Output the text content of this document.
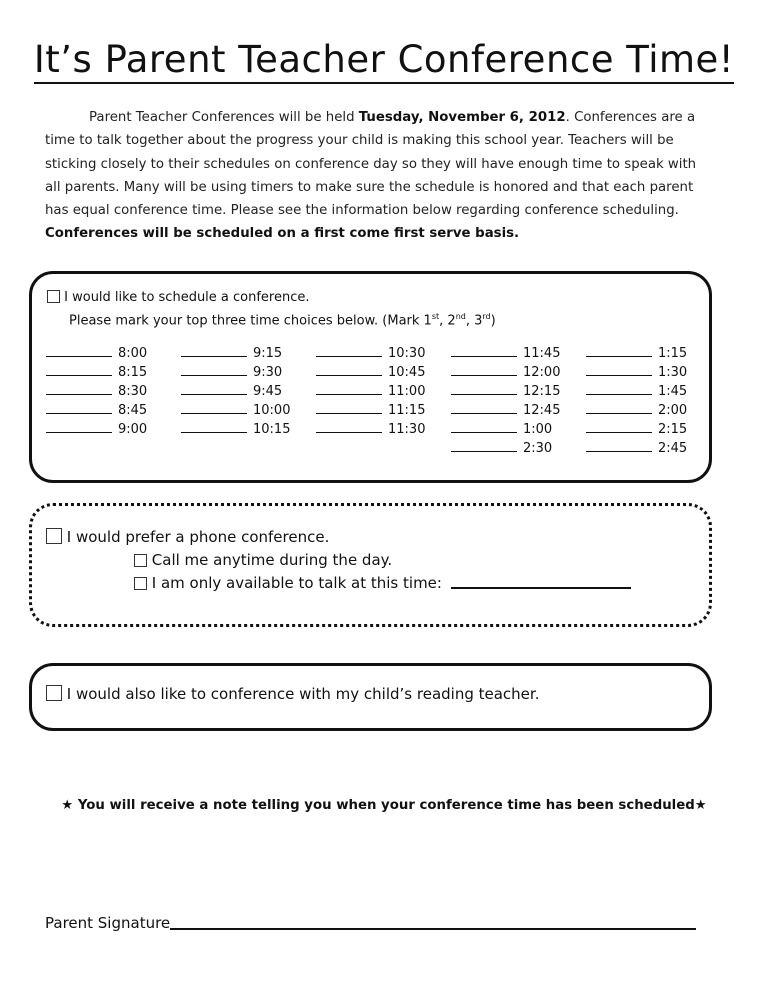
It’s Parent Teacher Conference Time!

Parent Teacher Conferences will be held Tuesday, November 6, 2012. Conferences are a

time to talk together about the progress your child is making this school year. Teachers will be

sticking closely to their schedules on conference day so they will have enough time to speak with

all parents. Many will be using timers to make sure the schedule is honored and that each parent

has equal conference time. Please see the information below regarding conference scheduling.

Conferences will be scheduled on a first come first serve basis.
I would like to schedule a conference.
Please mark your top three time choices below. (Mark 1st, 2nd, 3rd)
8:00
8:15
8:30
8:45
9:00
9:15
9:30
9:45
10:00
10:15
10:30
10:45
11:00
11:15
11:30
11:45
12:00
12:15
12:45
1:00
2:30
1:15
1:30
1:45
2:00
2:15
2:45
I would prefer a phone conference.
Call me anytime during the day.
I am only available to talk at this time:
I would also like to conference with my child’s reading teacher.
★ You will receive a note telling you when your conference time has been scheduled★
Parent Signature
